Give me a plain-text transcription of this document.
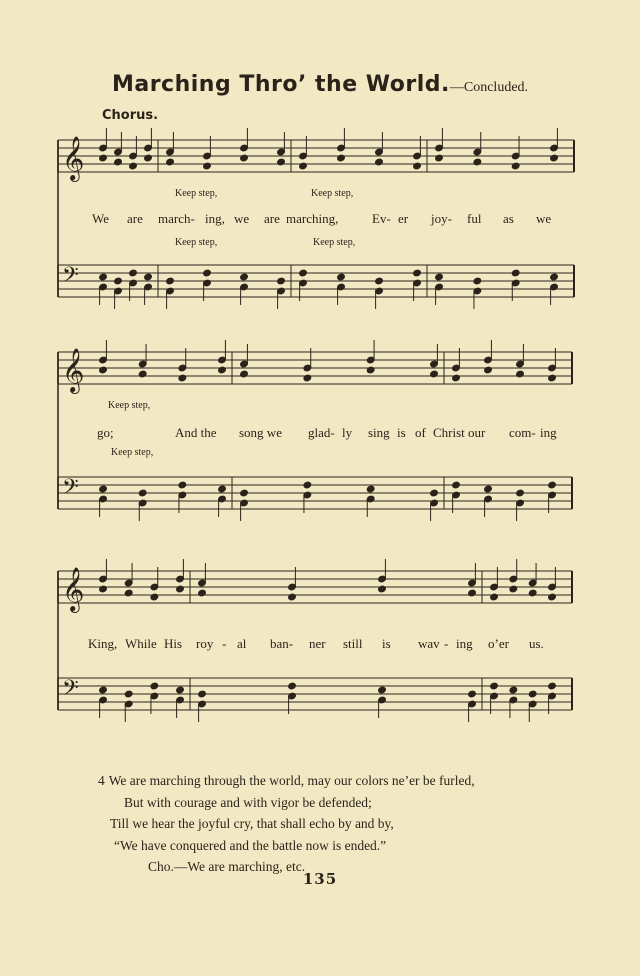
Marching Thro’ the World.—Concluded.
Chorus.
𝄞
𝄢
𝄞
𝄢
𝄞
𝄢
Keep step,	Keep step,
We are march- ing, we are marching,	Ev- er joy- ful as we
Keep step,	Keep step,
Keep step,
go;	And the song we glad- ly sing is of Christ our com- ing
Keep step,
King, While His roy - al ban- ner still is wav - ing o’er us.
4 We are marching through the world, may our colors ne’er be furled,
But with courage and with vigor be defended;
Till we hear the joyful cry, that shall echo by and by,
“We have conquered and the battle now is ended.”
Cho.—We are marching, etc.
135
